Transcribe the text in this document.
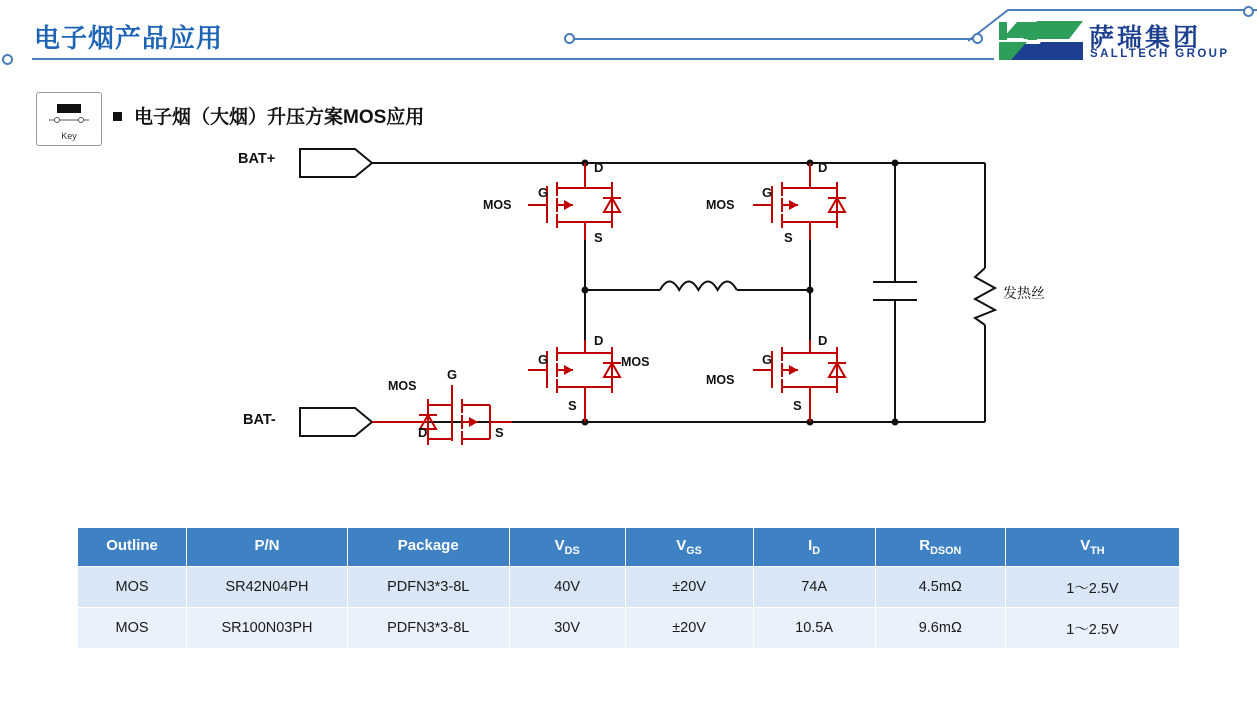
电子烟产品应用	萨瑞集团
SALLTECH GROUP
Key
电子烟（大烟）升压方案MOS应用
BAT+
BAT-
MOS	MOS
MOS
MOS
MOS
G
D
S
G
D
S
G
D
S
G
D
S
G
D	S
发热丝
Outline	P/N	Package	$V_{DS}$	$V_{GS}$	$I_D$	$R_{DSON}$	$V_{TH}$
MOS	SR42N04PH	PDFN3*3-8L	40V	±20V	74A	4.5mΩ	1～2.5V
MOS	SR100N03PH	PDFN3*3-8L	30V	±20V	10.5A	9.6mΩ	1～2.5V
